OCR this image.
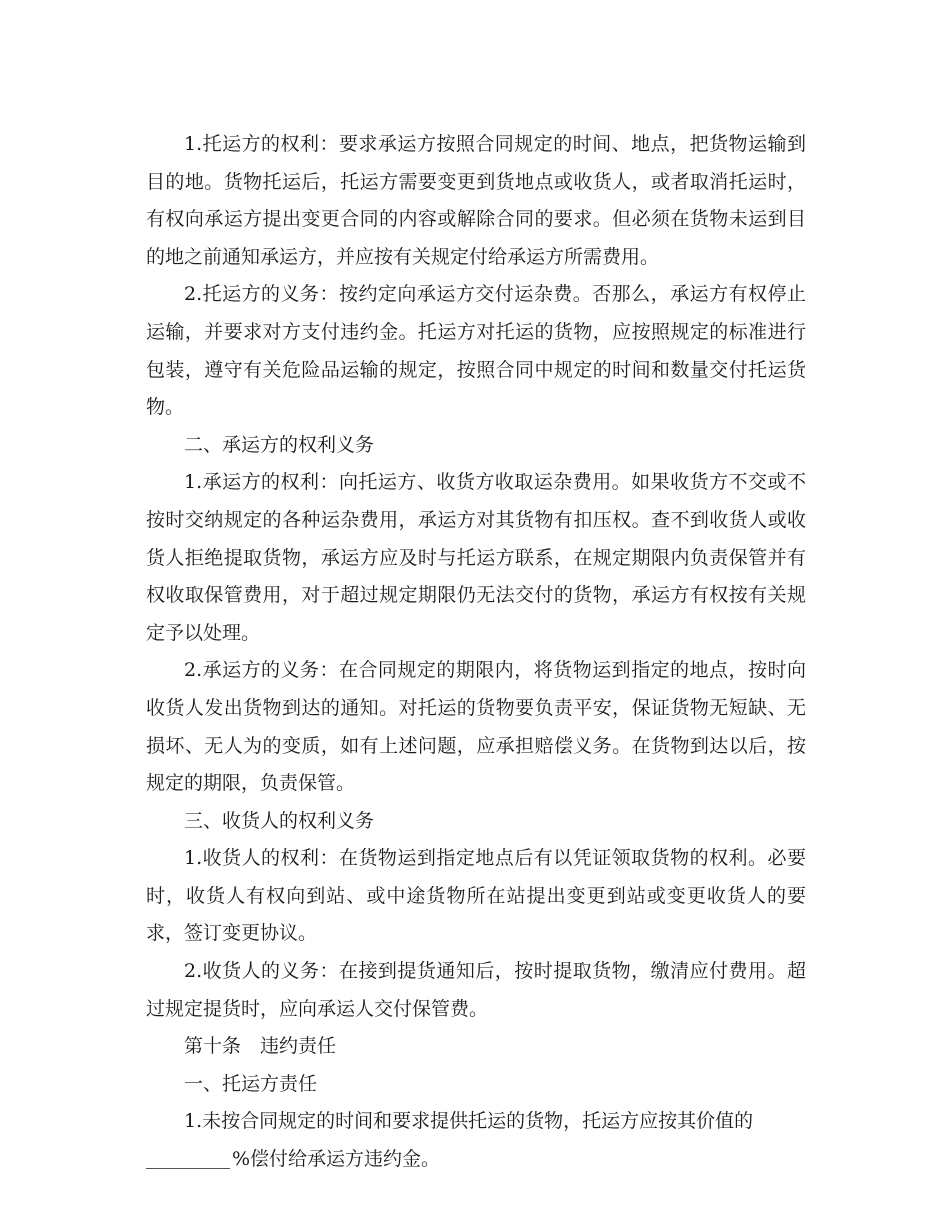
1.托运方的权利：要求承运方按照合同规定的时间、地点，把货物运输到目的地。货物托运后，托运方需要变更到货地点或收货人，或者取消托运时，有权向承运方提出变更合同的内容或解除合同的要求。但必须在货物未运到目的地之前通知承运方，并应按有关规定付给承运方所需费用。

2.托运方的义务：按约定向承运方交付运杂费。否那么，承运方有权停止运输，并要求对方支付违约金。托运方对托运的货物，应按照规定的标准进行包装，遵守有关危险品运输的规定，按照合同中规定的时间和数量交付托运货物。

二、承运方的权利义务

1.承运方的权利：向托运方、收货方收取运杂费用。如果收货方不交或不按时交纳规定的各种运杂费用，承运方对其货物有扣压权。查不到收货人或收货人拒绝提取货物，承运方应及时与托运方联系，在规定期限内负责保管并有权收取保管费用，对于超过规定期限仍无法交付的货物，承运方有权按有关规定予以处理。

2.承运方的义务：在合同规定的期限内，将货物运到指定的地点，按时向收货人发出货物到达的通知。对托运的货物要负责平安，保证货物无短缺、无损坏、无人为的变质，如有上述问题，应承担赔偿义务。在货物到达以后，按规定的期限，负责保管。

三、收货人的权利义务

1.收货人的权利：在货物运到指定地点后有以凭证领取货物的权利。必要时，收货人有权向到站、或中途货物所在站提出变更到站或变更收货人的要求，签订变更协议。

2.收货人的义务：在接到提货通知后，按时提取货物，缴清应付费用。超过规定提货时，应向承运人交付保管费。

第十条　违约责任

一、托运方责任

1.未按合同规定的时间和要求提供托运的货物，托运方应按其价值的

%偿付给承运方违约金。
